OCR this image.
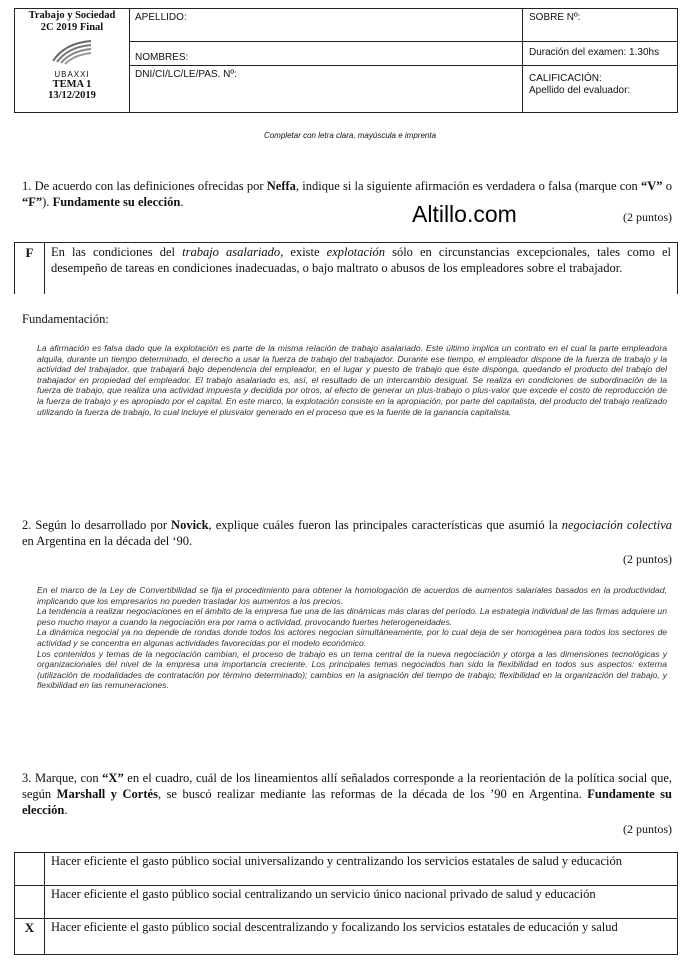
Trabajo y Sociedad
2C 2019 Final
UBAXXI
TEMA 1
13/12/2019
APELLIDO:
NOMBRES:
DNI/CI/LC/LE/PAS. Nº:
SOBRE Nº:
Duración del examen: 1.30hs
CALIFICACIÓN:
Apellido del evaluador:
Completar con letra clara, mayúscula e imprenta
1. De acuerdo con las definiciones ofrecidas por Neffa, indique si la siguiente afirmación es verdadera o falsa (marque con “V” o “F”). Fundamente su elección.	Altillo.com	(2 puntos)
F	En las condiciones del trabajo asalariado, existe explotación sólo en circunstancias excepcionales, tales como el desempeño de tareas en condiciones inadecuadas, o bajo maltrato o abusos de los empleadores sobre el trabajador.
Fundamentación:
La afirmación es falsa dado que la explotación es parte de la misma relación de trabajo asalariado. Este último implica un contrato en el cual la parte empleadora alquila, durante un tiempo determinado, el derecho a usar la fuerza de trabajo del trabajador. Durante ese tiempo, el empleador dispone de la fuerza de trabajo y la actividad del trabajador, que trabajará bajo dependencia del empleador, en el lugar y puesto de trabajo que éste disponga, quedando el producto del trabajo del trabajador en propiedad del empleador. El trabajo asalariado es, así, el resultado de un intercambio desigual. Se realiza en condiciones de subordinación de la fuerza de trabajo, que realiza una actividad impuesta y decidida por otros, al efecto de generar un plus-trabajo o plus-valor que excede el costo de reproducción de la fuerza de trabajo y es apropiado por el capital. En este marco, la explotación consiste en la apropiación, por parte del capitalista, del producto del trabajo realizado utilizando la fuerza de trabajo, lo cual incluye el plusvalor generado en el proceso que es la fuente de la ganancia capitalista.
2. Según lo desarrollado por Novick, explique cuáles fueron las principales características que asumió la negociación colectiva en Argentina en la década del ‘90.
(2 puntos)
En el marco de la Ley de Convertibilidad se fija el procedimiento para obtener la homologación de acuerdos de aumentos salariales basados en la productividad, implicando que los empresarios no pueden trasladar los aumentos a los precios.
La tendencia a realizar negociaciones en el ámbito de la empresa fue una de las dinámicas más claras del período. La estrategia individual de las firmas adquiere un peso mucho mayor a cuando la negociación era por rama o actividad, provocando fuertes heterogeneidades.
La dinámica negocial ya no depende de rondas donde todos los actores negocian simultáneamente, por lo cual deja de ser homogénea para todos los sectores de actividad y se concentra en algunas actividades favorecidas por el modelo económico.
Los contenidos y temas de la negociación cambian, el proceso de trabajo es un tema central de la nueva negociación y otorga a las dimensiones tecnológicas y organizacionales del nivel de la empresa una importancia creciente. Los principales temas negociados han sido la flexibilidad en todos sus aspectos: externa (utilización de modalidades de contratación por término determinado); cambios en la asignación del tiempo de trabajo; flexibilidad en la organización del trabajo, y flexibilidad en las remuneraciones.
3. Marque, con “X” en el cuadro, cuál de los lineamientos allí señalados corresponde a la reorientación de la política social que, según Marshall y Cortés, se buscó realizar mediante las reformas de la década de los ’90 en Argentina. Fundamente su elección.
(2 puntos)
Hacer eficiente el gasto público social universalizando y centralizando los servicios estatales de salud y educación
Hacer eficiente el gasto público social centralizando un servicio único nacional privado de salud y educación
X	Hacer eficiente el gasto público social descentralizando y focalizando los servicios estatales de educación y salud
